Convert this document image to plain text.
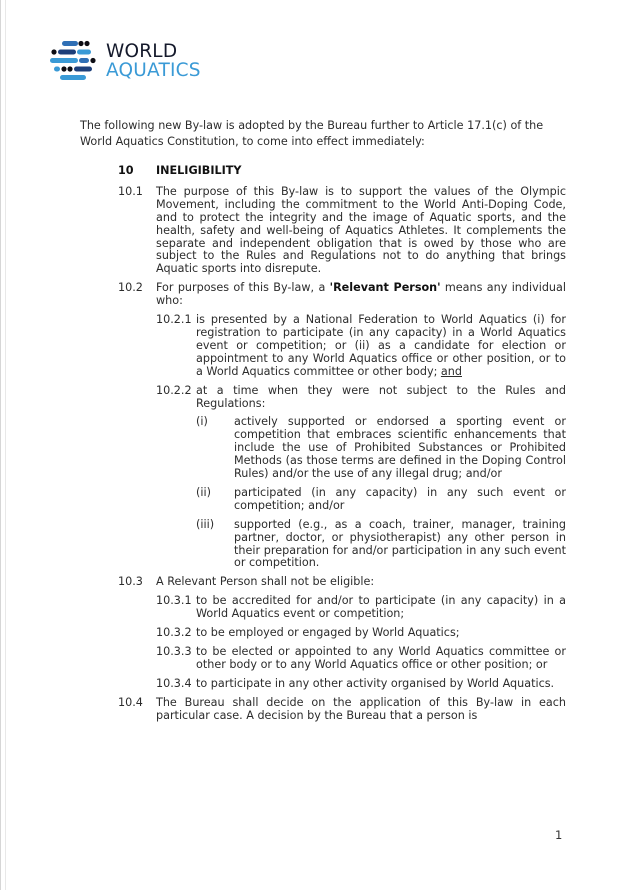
WORLD
AQUATICS
The following new By-law is adopted by the Bureau further to Article 17.1(c) of the World Aquatics Constitution, to come into effect immediately:
10	INELIGIBILITY
10.1	The purpose of this By-law is to support the values of the Olympic Movement, including the commitment to the World Anti-Doping Code, and to protect the integrity and the image of Aquatic sports, and the health, safety and well-being of Aquatics Athletes. It complements the separate and independent obligation that is owed by those who are subject to the Rules and Regulations not to do anything that brings Aquatic sports into disrepute.
10.2	For purposes of this By-law, a 'Relevant Person' means any individual who:
10.2.1 is presented by a National Federation to World Aquatics (i) for registration to participate (in any capacity) in a World Aquatics event or competition; or (ii) as a candidate for election or appointment to any World Aquatics office or other position, or to a World Aquatics committee or other body; and
10.2.2 at a time when they were not subject to the Rules and Regulations:
(i)	actively supported or endorsed a sporting event or competition that embraces scientific enhancements that include the use of Prohibited Substances or Prohibited Methods (as those terms are defined in the Doping Control Rules) and/or the use of any illegal drug; and/or
(ii)	participated (in any capacity) in any such event or competition; and/or
(iii)	supported (e.g., as a coach, trainer, manager, training partner, doctor, or physiotherapist) any other person in their preparation for and/or participation in any such event or competition.
10.3	A Relevant Person shall not be eligible:
10.3.1 to be accredited for and/or to participate (in any capacity) in a World Aquatics event or competition;
10.3.2 to be employed or engaged by World Aquatics;
10.3.3 to be elected or appointed to any World Aquatics committee or other body or to any World Aquatics office or other position; or
10.3.4 to participate in any other activity organised by World Aquatics.
10.4	The Bureau shall decide on the application of this By-law in each particular case. A decision by the Bureau that a person is
1
